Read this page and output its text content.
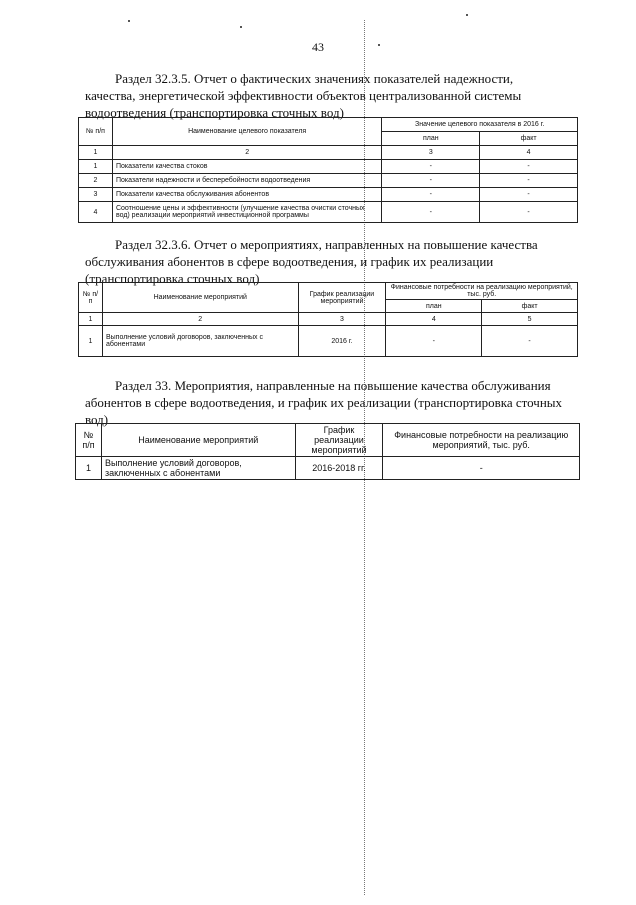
43
Раздел 32.3.5. Отчет о фактических значениях показателей надежности,
качества, энергетической эффективности объектов централизованной системы
водоотведения (транспортировка сточных вод)
№ п/п	Наименование целевого показателя	Значение целевого показателя в 2016 г.	
		план	факт
1	2	3	4
1	Показатели качества стоков	-	-
2	Показатели надежности и бесперебойности водоотведения	-	-
3	Показатели качества обслуживания абонентов	-	-
4	Соотношение цены и эффективности (улучшение качества очистки сточных вод) реализации мероприятий инвестиционной программы	-	-
Раздел 32.3.6. Отчет о мероприятиях, направленных на повышение качества
обслуживания абонентов в сфере водоотведения, и график их реализации
(транспортировка сточных вод)
№ п/п	Наименование мероприятий	График реализации мероприятий	Финансовые потребности на реализацию мероприятий, тыс. руб.	
			план	факт
1	2	3	4	5
1	Выполнение условий договоров, заключенных с абонентами	2016 г.	-	-
Раздел 33. Мероприятия, направленные на повышение качества обслуживания
абонентов в сфере водоотведения, и график их реализации (транспортировка сточных
вод)
№ п/п	Наименование мероприятий	График реализации мероприятий	Финансовые потребности на реализацию мероприятий, тыс. руб.
1	Выполнение условий договоров, заключенных с абонентами	2016-2018 гг.	-
